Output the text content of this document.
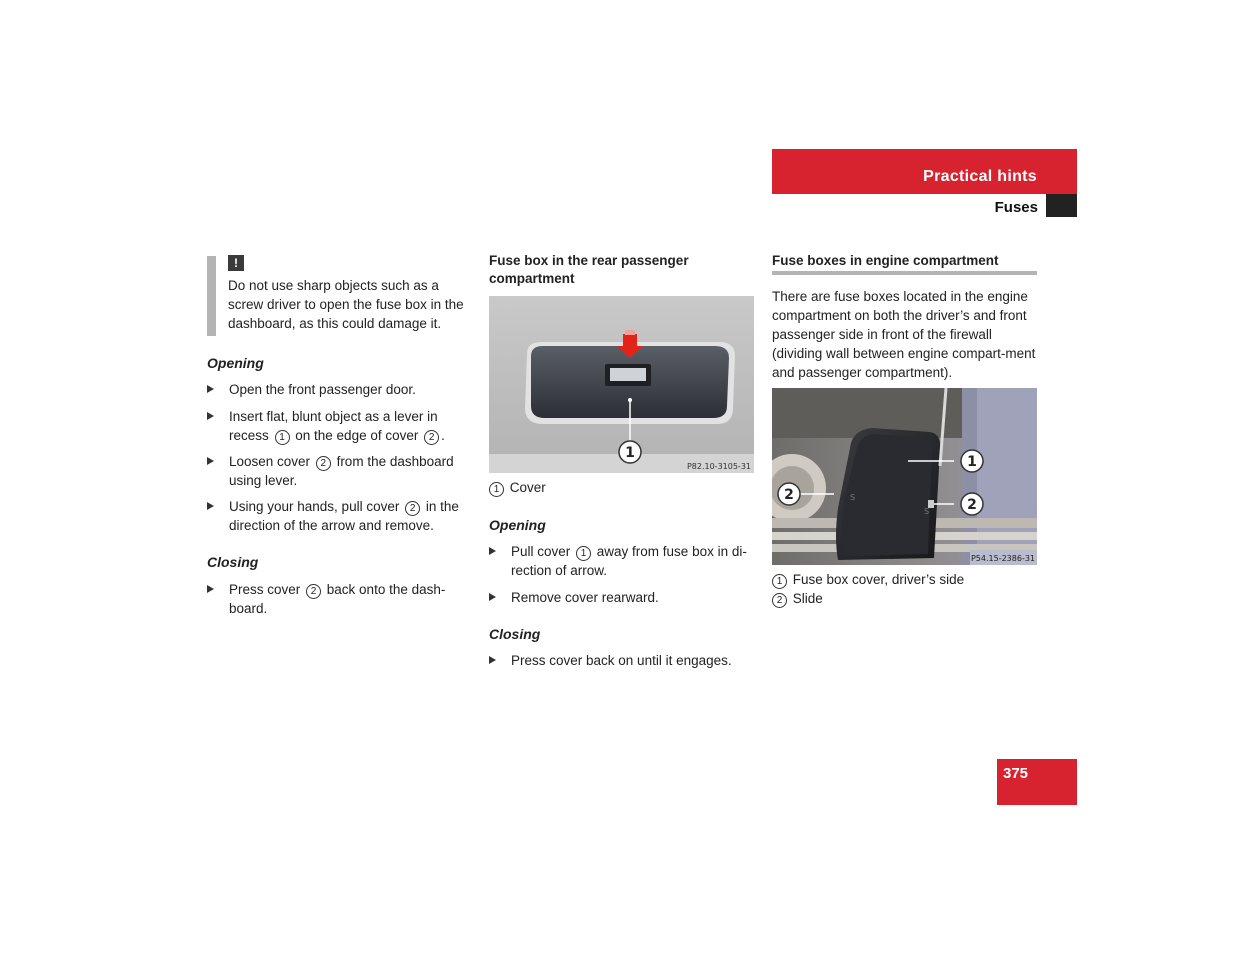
Practical hints
Fuses
!
Do not use sharp objects such as a screw driver to open the fuse box in the dashboard, as this could damage it.
Opening
Open the front passenger door.
Insert flat, blunt object as a lever in recess 1 on the edge of cover 2 .
Loosen cover 2 from the dashboard using lever.
Using your hands, pull cover 2 in the direction of the arrow and remove.
Closing
Press cover 2 back onto the dash-board.
Fuse box in the rear passenger compartment
1
P82.10-3105-31
1 Cover
Opening
Pull cover 1 away from fuse box in di-rection of arrow.
Remove cover rearward.
Closing
Press cover back on until it engages.
Fuse boxes in engine compartment
There are fuse boxes located in the engine compartment on both the driver’s and front passenger side in front of the firewall (dividing wall between engine compart-ment and passenger compartment).
S
S
1
2
2
P54.15-2386-31
1 Fuse box cover, driver’s side
2 Slide
375
